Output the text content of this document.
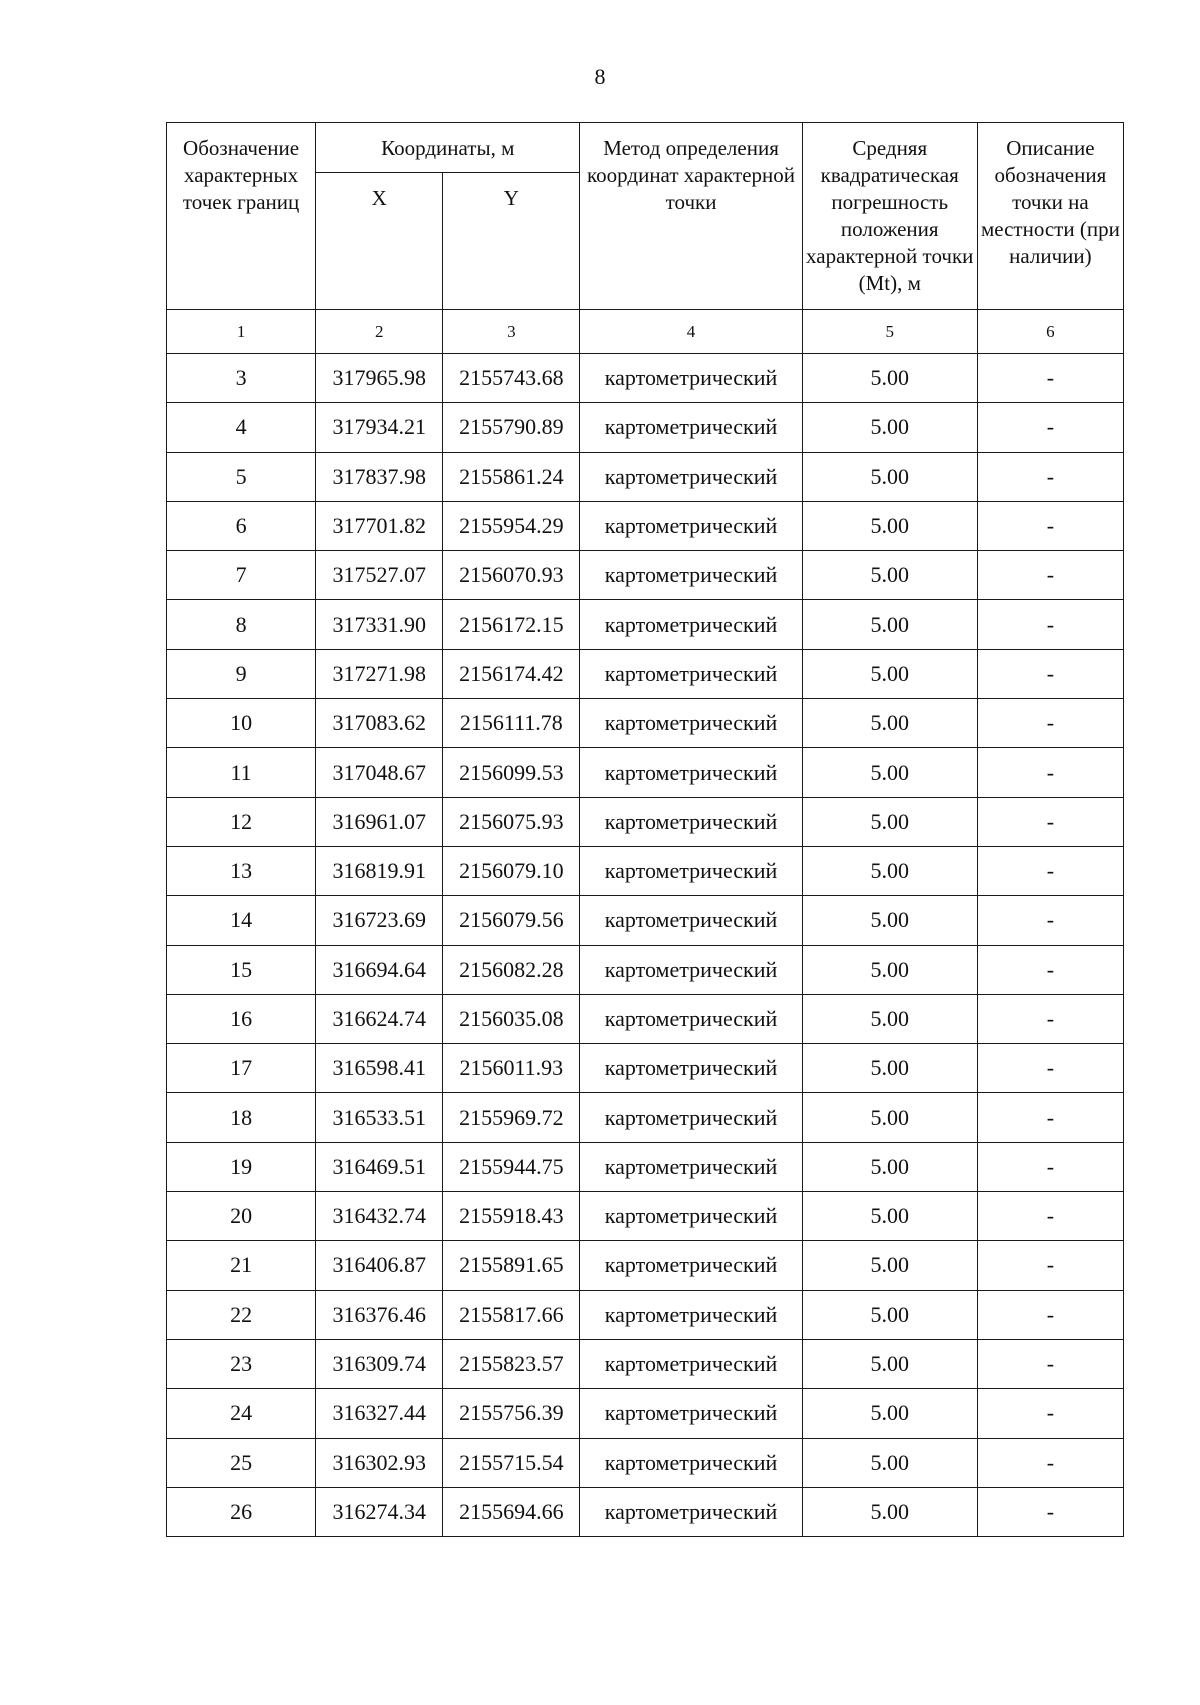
8
Обозначение характерных точек границ	Координаты, м		Метод определения координат характерной точки	Средняя квадратическая погрешность положения характерной точки (Mt), м	Описание обозначения точки на местности (при наличии)
	X	Y			
1	2	3	4	5	6
3	317965.98	2155743.68	картометрический	5.00	-
4	317934.21	2155790.89	картометрический	5.00	-
5	317837.98	2155861.24	картометрический	5.00	-
6	317701.82	2155954.29	картометрический	5.00	-
7	317527.07	2156070.93	картометрический	5.00	-
8	317331.90	2156172.15	картометрический	5.00	-
9	317271.98	2156174.42	картометрический	5.00	-
10	317083.62	2156111.78	картометрический	5.00	-
11	317048.67	2156099.53	картометрический	5.00	-
12	316961.07	2156075.93	картометрический	5.00	-
13	316819.91	2156079.10	картометрический	5.00	-
14	316723.69	2156079.56	картометрический	5.00	-
15	316694.64	2156082.28	картометрический	5.00	-
16	316624.74	2156035.08	картометрический	5.00	-
17	316598.41	2156011.93	картометрический	5.00	-
18	316533.51	2155969.72	картометрический	5.00	-
19	316469.51	2155944.75	картометрический	5.00	-
20	316432.74	2155918.43	картометрический	5.00	-
21	316406.87	2155891.65	картометрический	5.00	-
22	316376.46	2155817.66	картометрический	5.00	-
23	316309.74	2155823.57	картометрический	5.00	-
24	316327.44	2155756.39	картометрический	5.00	-
25	316302.93	2155715.54	картометрический	5.00	-
26	316274.34	2155694.66	картометрический	5.00	-
